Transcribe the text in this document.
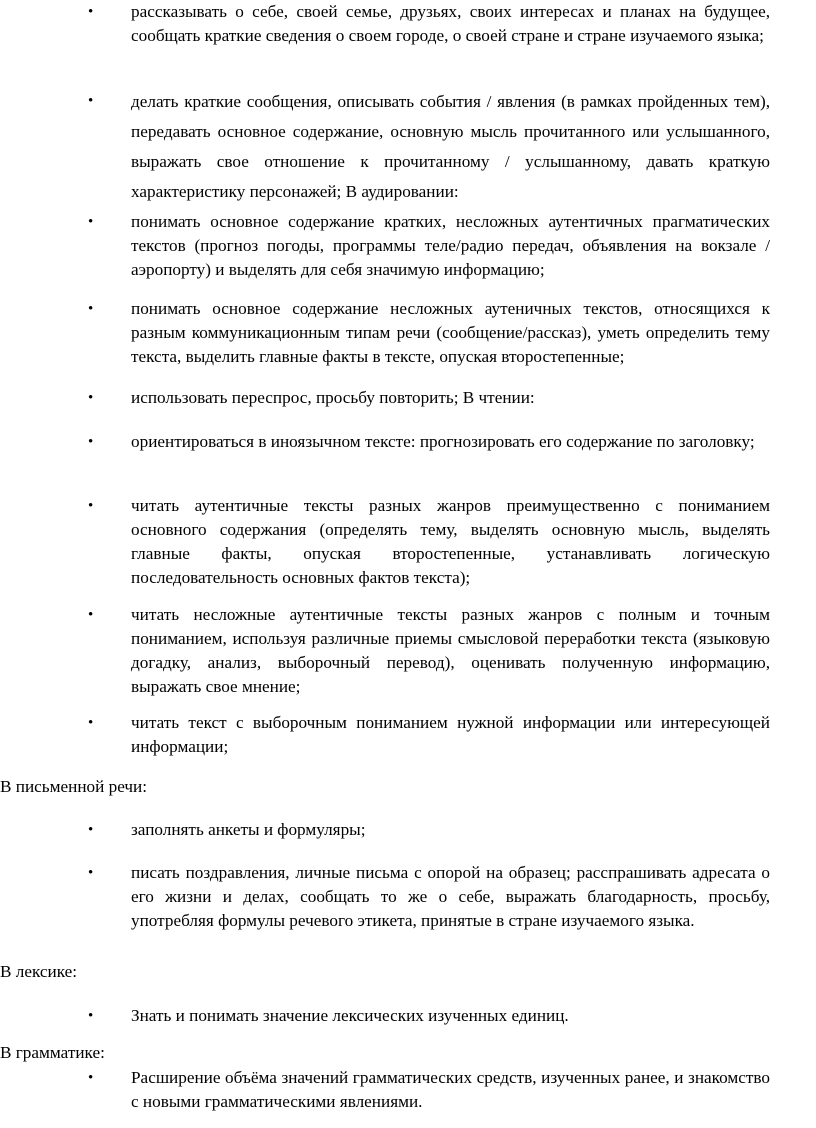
• рассказывать о себе, своей семье, друзьях, своих интересах и планах на будущее, сообщать краткие сведения о своем городе, о своей стране и стране изучаемого языка;

• делать краткие сообщения, описывать события / явления (в рамках пройденных тем), передавать основное содержание, основную мысль прочитанного или услышанного, выражать свое отношение к прочитанному / услышанному, давать краткую характеристику персонажей; В аудировании:

• понимать основное содержание кратких, несложных аутентичных прагматических текстов (прогноз погоды, программы теле/радио передач, объявления на вокзале / аэропорту) и выделять для себя значимую информацию;

• понимать основное содержание несложных аутеничных текстов, относящихся к разным коммуникационным типам речи (сообщение/рассказ), уметь определить тему текста, выделить главные факты в тексте, опуская второстепенные;

• использовать переспрос, просьбу повторить; В чтении:

• ориентироваться в иноязычном тексте: прогнозировать его содержание по заголовку;

• читать аутентичные тексты разных жанров преимущественно с пониманием основного содержания (определять тему, выделять основную мысль, выделять главные факты, опуская второстепенные, устанавливать логическую последовательность основных фактов текста);

• читать несложные аутентичные тексты разных жанров с полным и точным пониманием, используя различные приемы смысловой переработки текста (языковую догадку, анализ, выборочный перевод), оценивать полученную информацию, выражать свое мнение;

• читать текст с выборочным пониманием нужной информации или интересующей информации;

В письменной речи:

• заполнять анкеты и формуляры;

• писать поздравления, личные письма с опорой на образец; расспрашивать адресата о его жизни и делах, сообщать то же о себе, выражать благодарность, просьбу, употребляя формулы речевого этикета, принятые в стране изучаемого языка.

В лексике:

• Знать и понимать значение лексических изученных единиц.

В грамматике:

• Расширение объёма значений грамматических средств, изученных ранее, и знакомство с новыми грамматическими явлениями.
